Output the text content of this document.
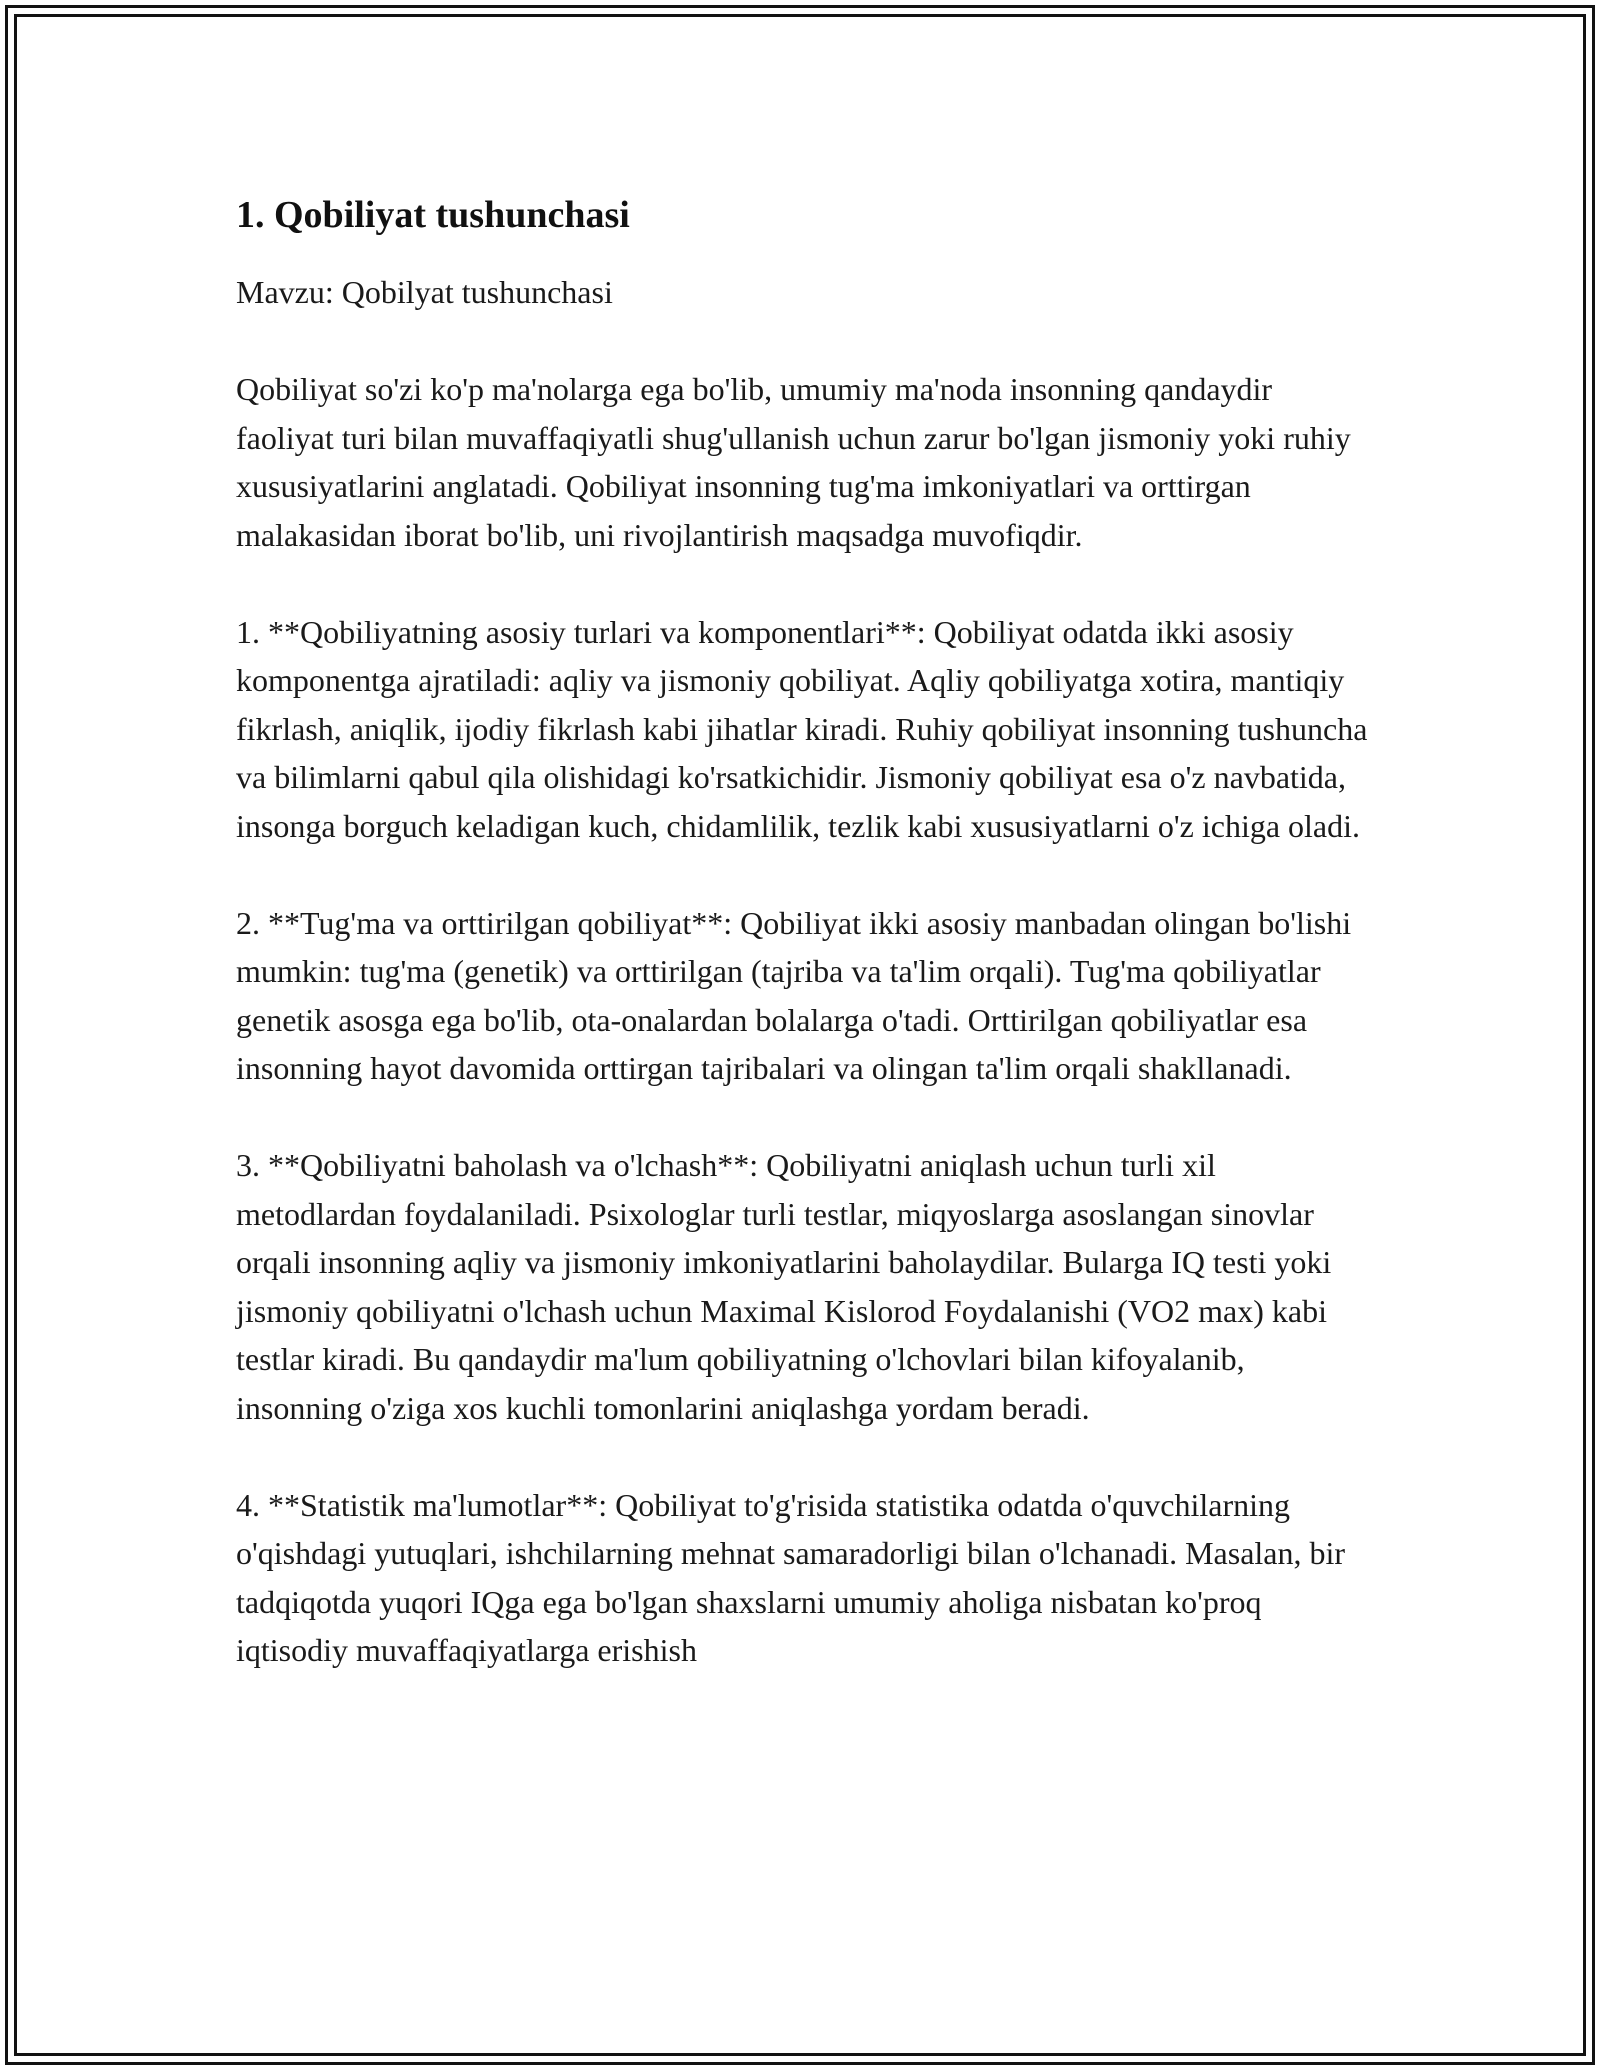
1. Qobiliyat tushunchasi

Mavzu: Qobilyat tushunchasi

Qobiliyat so'zi ko'p ma'nolarga ega bo'lib, umumiy ma'noda insonning qandaydir faoliyat turi bilan muvaffaqiyatli shug'ullanish uchun zarur bo'lgan jismoniy yoki ruhiy xususiyatlarini anglatadi. Qobiliyat insonning tug'ma imkoniyatlari va orttirgan malakasidan iborat bo'lib, uni rivojlantirish maqsadga muvofiqdir.

1. **Qobiliyatning asosiy turlari va komponentlari**: Qobiliyat odatda ikki asosiy komponentga ajratiladi: aqliy va jismoniy qobiliyat. Aqliy qobiliyatga xotira, mantiqiy fikrlash, aniqlik, ijodiy fikrlash kabi jihatlar kiradi. Ruhiy qobiliyat insonning tushuncha va bilimlarni qabul qila olishidagi ko'rsatkichidir. Jismoniy qobiliyat esa o'z navbatida, insonga borguch keladigan kuch, chidamlilik, tezlik kabi xususiyatlarni o'z ichiga oladi.

2. **Tug'ma va orttirilgan qobiliyat**: Qobiliyat ikki asosiy manbadan olingan bo'lishi mumkin: tug'ma (genetik) va orttirilgan (tajriba va ta'lim orqali). Tug'ma qobiliyatlar genetik asosga ega bo'lib, ota-onalardan bolalarga o'tadi. Orttirilgan qobiliyatlar esa insonning hayot davomida orttirgan tajribalari va olingan ta'lim orqali shakllanadi.

3. **Qobiliyatni baholash va o'lchash**: Qobiliyatni aniqlash uchun turli xil metodlardan foydalaniladi. Psixologlar turli testlar, miqyoslarga asoslangan sinovlar orqali insonning aqliy va jismoniy imkoniyatlarini baholaydilar. Bularga IQ testi yoki jismoniy qobiliyatni o'lchash uchun Maximal Kislorod Foydalanishi (VO2 max) kabi testlar kiradi. Bu qandaydir ma'lum qobiliyatning o'lchovlari bilan kifoyalanib, insonning o'ziga xos kuchli tomonlarini aniqlashga yordam beradi.

4. **Statistik ma'lumotlar**: Qobiliyat to'g'risida statistika odatda o'quvchilarning o'qishdagi yutuqlari, ishchilarning mehnat samaradorligi bilan o'lchanadi. Masalan, bir tadqiqotda yuqori IQga ega bo'lgan shaxslarni umumiy aholiga nisbatan ko'proq iqtisodiy muvaffaqiyatlarga erishish
